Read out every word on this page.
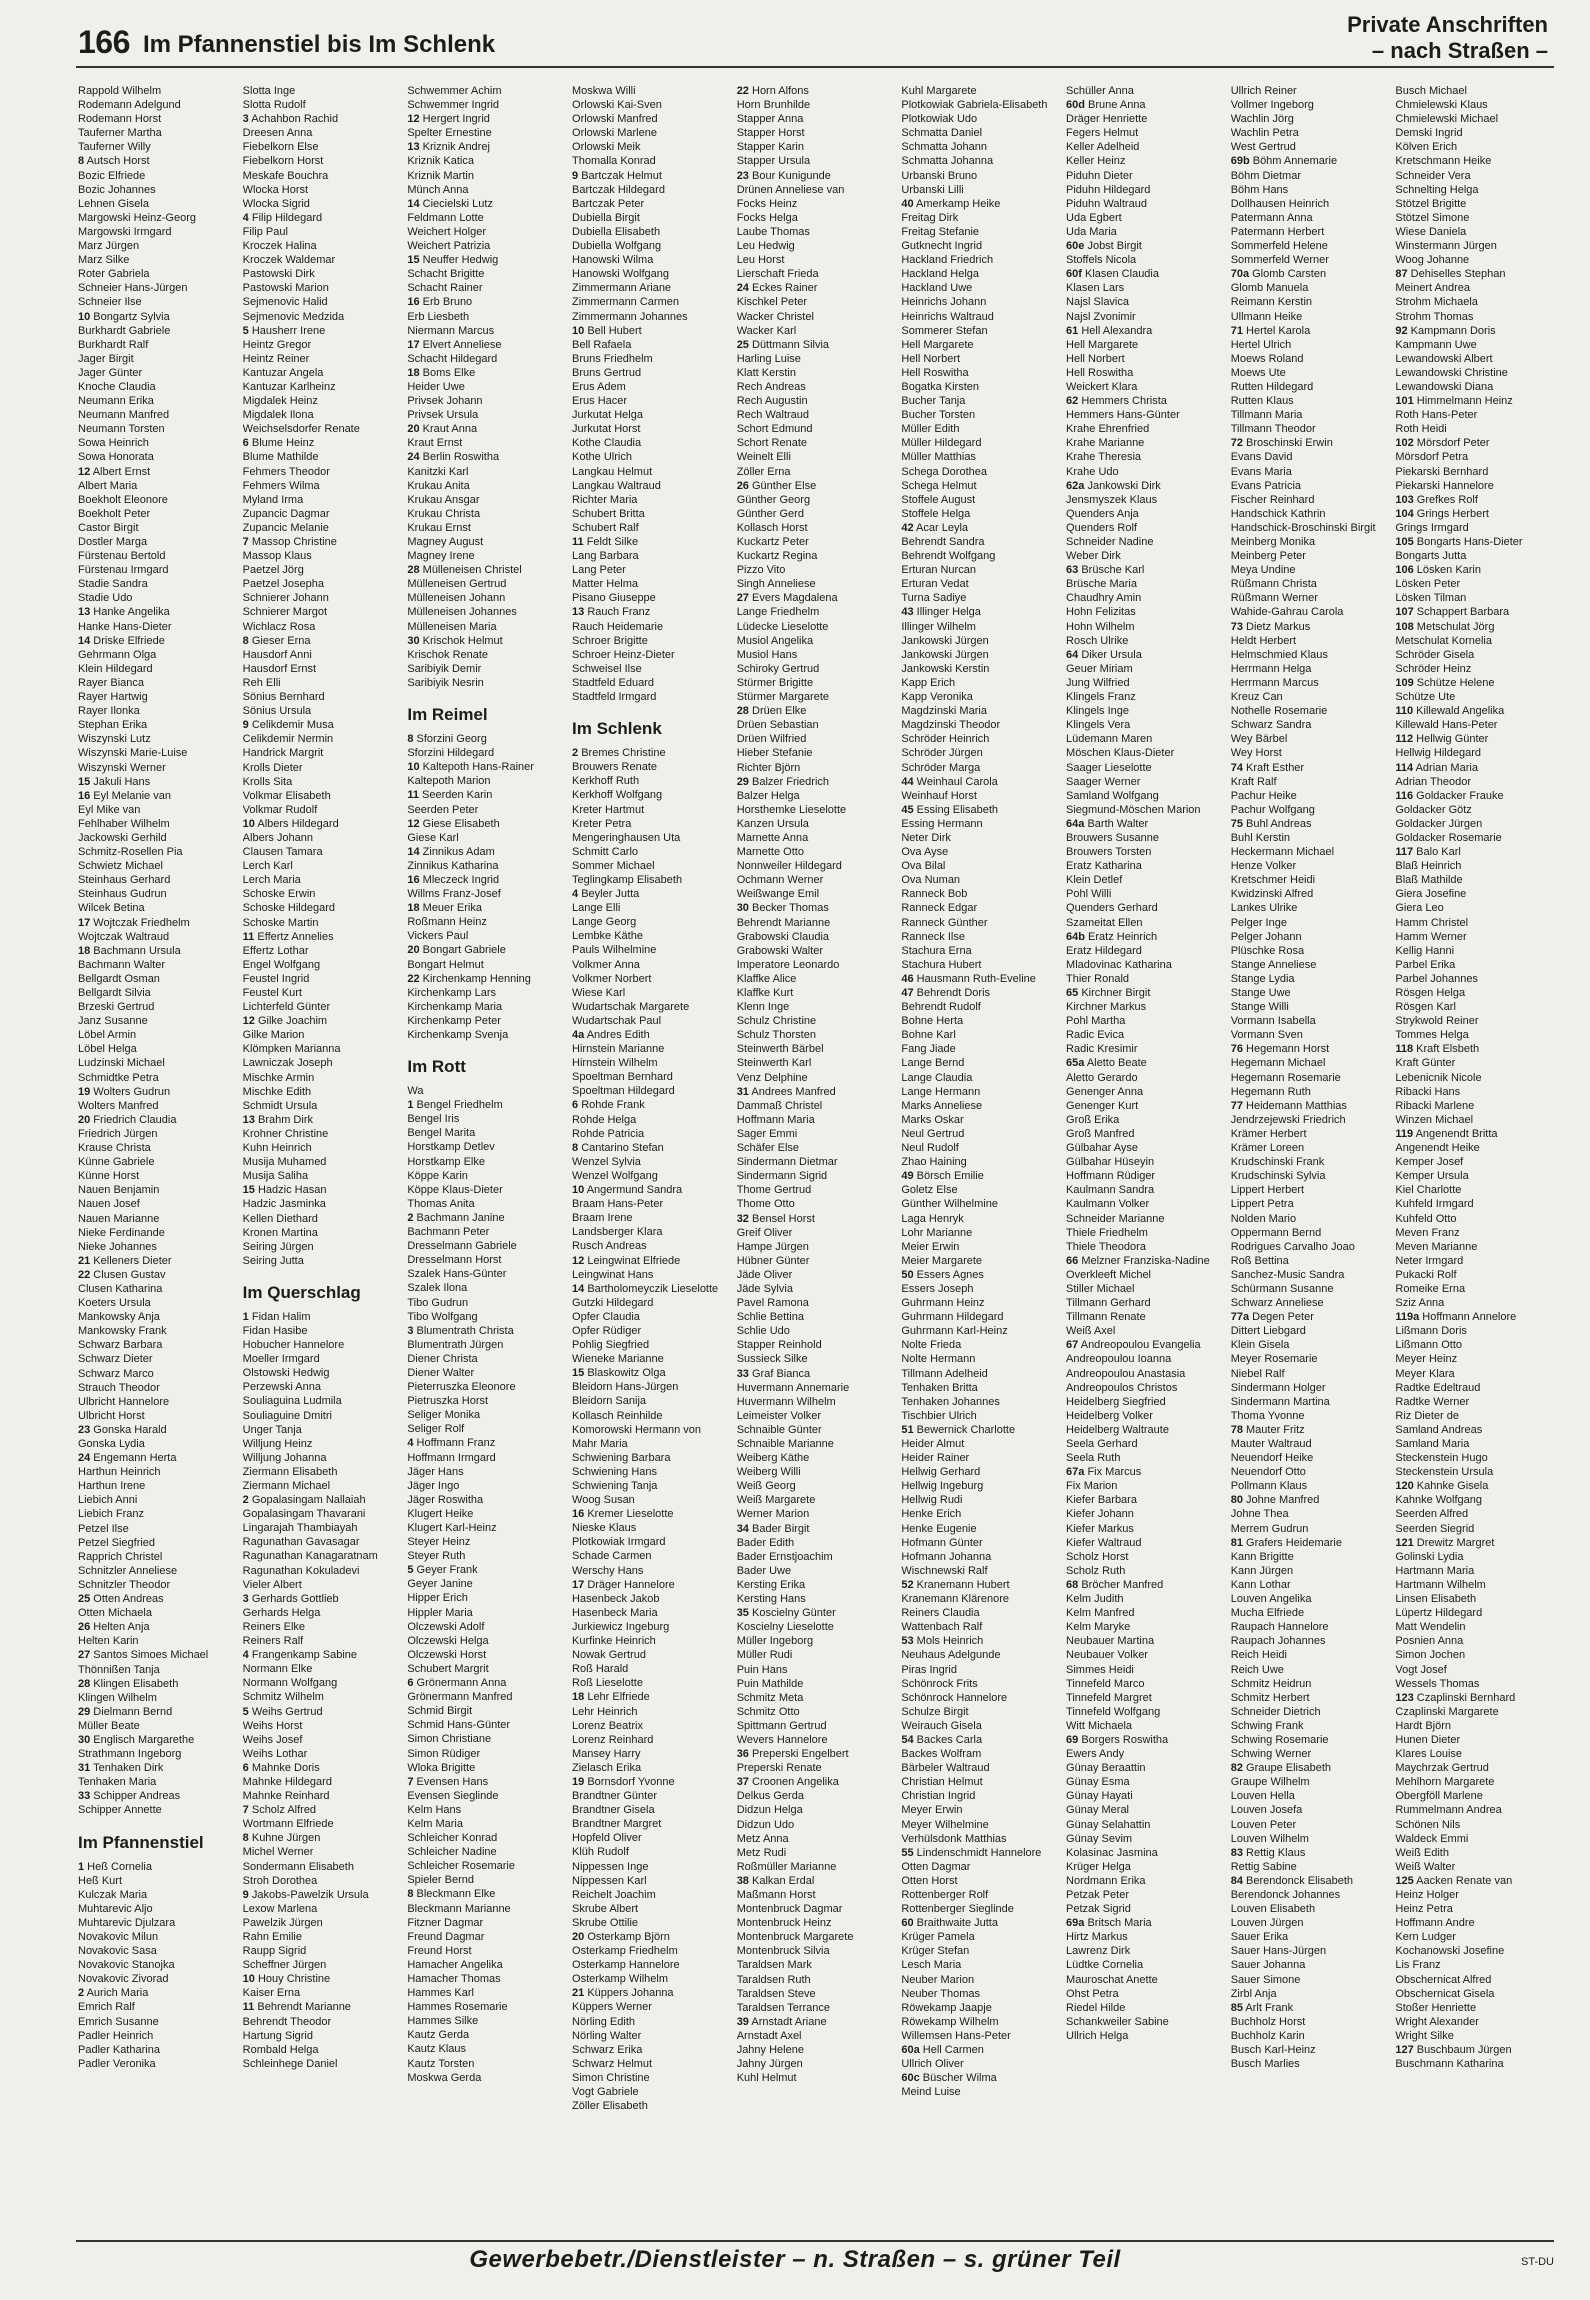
166 Im Pfannenstiel bis Im Schlenk
Private Anschriften
– nach Straßen –
Rappold Wilhelm
Rodemann Adelgund
Rodemann Horst
Tauferner Martha
Tauferner Willy
8 Autsch Horst
Bozic Elfriede
Bozic Johannes
Lehnen Gisela
Margowski Heinz-Georg
Margowski Irmgard
Marz Jürgen
Marz Silke
Roter Gabriela
Schneier Hans-Jürgen
Schneier Ilse
10 Bongartz Sylvia
Burkhardt Gabriele
Burkhardt Ralf
Jager Birgit
Jager Günter
Knoche Claudia
Neumann Erika
Neumann Manfred
Neumann Torsten
Sowa Heinrich
Sowa Honorata
12 Albert Ernst
Albert Maria
Boekholt Eleonore
Boekholt Peter
Castor Birgit
Dostler Marga
Fürstenau Bertold
Fürstenau Irmgard
Stadie Sandra
Stadie Udo
13 Hanke Angelika
Hanke Hans-Dieter
14 Driske Elfriede
Gehrmann Olga
Klein Hildegard
Rayer Bianca
Rayer Hartwig
Rayer Ilonka
Stephan Erika
Wiszynski Lutz
Wiszynski Marie-Luise
Wiszynski Werner
15 Jakuli Hans
16 Eyl Melanie van
Eyl Mike van
Fehlhaber Wilhelm
Jackowski Gerhild
Schmitz-Rosellen Pia
Schwietz Michael
Steinhaus Gerhard
Steinhaus Gudrun
Wilcek Betina
17 Wojtczak Friedhelm
Wojtczak Waltraud
18 Bachmann Ursula
Bachmann Walter
Bellgardt Osman
Bellgardt Silvia
Brzeski Gertrud
Janz Susanne
Löbel Armin
Löbel Helga
Ludzinski Michael
Schmidtke Petra
19 Wolters Gudrun
Wolters Manfred
20 Friedrich Claudia
Friedrich Jürgen
Krause Christa
Künne Gabriele
Künne Horst
Nauen Benjamin
Nauen Josef
Nauen Marianne
Nieke Ferdinande
Nieke Johannes
21 Kelleners Dieter
22 Clusen Gustav
Clusen Katharina
Koeters Ursula
Mankowsky Anja
Mankowsky Frank
Schwarz Barbara
Schwarz Dieter
Schwarz Marco
Strauch Theodor
Ulbricht Hannelore
Ulbricht Horst
23 Gonska Harald
Gonska Lydia
24 Engemann Herta
Harthun Heinrich
Harthun Irene
Liebich Anni
Liebich Franz
Petzel Ilse
Petzel Siegfried
Rapprich Christel
Schnitzler Anneliese
Schnitzler Theodor
25 Otten Andreas
Otten Michaela
26 Helten Anja
Helten Karin
27 Santos Simoes Michael
Thönnißen Tanja
28 Klingen Elisabeth
Klingen Wilhelm
29 Dielmann Bernd
Müller Beate
30 Englisch Margarethe
Strathmann Ingeborg
31 Tenhaken Dirk
Tenhaken Maria
33 Schipper Andreas
Schipper Annette
Im Pfannenstiel
1 Heß Cornelia
Heß Kurt
Kulczak Maria
Muhtarevic Aljo
Muhtarevic Djulzara
Novakovic Milun
Novakovic Sasa
Novakovic Stanojka
Novakovic Zivorad
2 Aurich Maria
Emrich Ralf
Emrich Susanne
Padler Heinrich
Padler Katharina
Padler Veronika
Slotta Inge
Slotta Rudolf
3 Achahbon Rachid
Dreesen Anna
Fiebelkorn Else
Fiebelkorn Horst
Meskafe Bouchra
Wlocka Horst
Wlocka Sigrid
4 Filip Hildegard
Filip Paul
Kroczek Halina
Kroczek Waldemar
Pastowski Dirk
Pastowski Marion
Sejmenovic Halid
Sejmenovic Medzida
5 Hausherr Irene
Heintz Gregor
Heintz Reiner
Kantuzar Angela
Kantuzar Karlheinz
Migdalek Heinz
Migdalek Ilona
Weichselsdorfer Renate
6 Blume Heinz
Blume Mathilde
Fehmers Theodor
Fehmers Wilma
Myland Irma
Zupancic Dagmar
Zupancic Melanie
7 Massop Christine
Massop Klaus
Paetzel Jörg
Paetzel Josepha
Schnierer Johann
Schnierer Margot
Wichlacz Rosa
8 Gieser Erna
Hausdorf Anni
Hausdorf Ernst
Reh Elli
Sönius Bernhard
Sönius Ursula
9 Celikdemir Musa
Celikdemir Nermin
Handrick Margrit
Krolls Dieter
Krolls Sita
Volkmar Elisabeth
Volkmar Rudolf
10 Albers Hildegard
Albers Johann
Clausen Tamara
Lerch Karl
Lerch Maria
Schoske Erwin
Schoske Hildegard
Schoske Martin
11 Effertz Annelies
Effertz Lothar
Engel Wolfgang
Feustel Ingrid
Feustel Kurt
Lichterfeld Günter
12 Gilke Joachim
Gilke Marion
Klömpken Marianna
Lawniczak Joseph
Mischke Armin
Mischke Edith
Schmidt Ursula
13 Brahm Dirk
Krohner Christine
Kuhn Heinrich
Musija Muhamed
Musija Saliha
15 Hadzic Hasan
Hadzic Jasminka
Kellen Diethard
Kronen Martina
Seiring Jürgen
Seiring Jutta
Im Querschlag
1 Fidan Halim
Fidan Hasibe
Hobucher Hannelore
Moeller Irmgard
Olstowski Hedwig
Perzewski Anna
Souliaguina Ludmila
Souliaguine Dmitri
Unger Tanja
Willjung Heinz
Willjung Johanna
Ziermann Elisabeth
Ziermann Michael
2 Gopalasingam Nallaiah
Gopalasingam Thavarani
Lingarajah Thambiayah
Ragunathan Gavasagar
Ragunathan Kanagaratnam
Ragunathan Kokuladevi
Vieler Albert
3 Gerhards Gottlieb
Gerhards Helga
Reiners Elke
Reiners Ralf
4 Frangenkamp Sabine
Normann Elke
Normann Wolfgang
Schmitz Wilhelm
5 Weihs Gertrud
Weihs Horst
Weihs Josef
Weihs Lothar
6 Mahnke Doris
Mahnke Hildegard
Mahnke Reinhard
7 Scholz Alfred
Wortmann Elfriede
8 Kuhne Jürgen
Michel Werner
Sondermann Elisabeth
Stroh Dorothea
9 Jakobs-Pawelzik Ursula
Lexow Marlena
Pawelzik Jürgen
Rahn Emilie
Raupp Sigrid
Scheffner Jürgen
10 Houy Christine
Kaiser Erna
11 Behrendt Marianne
Behrendt Theodor
Hartung Sigrid
Rombald Helga
Schleinhege Daniel
Schwemmer Achim
Schwemmer Ingrid
12 Hergert Ingrid
Spelter Ernestine
13 Kriznik Andrej
Kriznik Katica
Kriznik Martin
Münch Anna
14 Ciecielski Lutz
Feldmann Lotte
Weichert Holger
Weichert Patrizia
15 Neuffer Hedwig
Schacht Brigitte
Schacht Rainer
16 Erb Bruno
Erb Liesbeth
Niermann Marcus
17 Elvert Anneliese
Schacht Hildegard
18 Boms Elke
Heider Uwe
Privsek Johann
Privsek Ursula
20 Kraut Anna
Kraut Ernst
24 Berlin Roswitha
Kanitzki Karl
Krukau Anita
Krukau Ansgar
Krukau Christa
Krukau Ernst
Magney August
Magney Irene
28 Mülleneisen Christel
Mülleneisen Gertrud
Mülleneisen Johann
Mülleneisen Johannes
Mülleneisen Maria
30 Krischok Helmut
Krischok Renate
Saribiyik Demir
Saribiyik Nesrin
Im Reimel
8 Sforzini Georg
Sforzini Hildegard
10 Kaltepoth Hans-Rainer
Kaltepoth Marion
11 Seerden Karin
Seerden Peter
12 Giese Elisabeth
Giese Karl
14 Zinnikus Adam
Zinnikus Katharina
16 Mleczeck Ingrid
Willms Franz-Josef
18 Meuer Erika
Roßmann Heinz
Vickers Paul
20 Bongart Gabriele
Bongart Helmut
22 Kirchenkamp Henning
Kirchenkamp Lars
Kirchenkamp Maria
Kirchenkamp Peter
Kirchenkamp Svenja
Im Rott
Wa
1 Bengel Friedhelm
Bengel Iris
Bengel Marita
Horstkamp Detlev
Horstkamp Elke
Köppe Karin
Köppe Klaus-Dieter
Thomas Anita
2 Bachmann Janine
Bachmann Peter
Dresselmann Gabriele
Dresselmann Horst
Szalek Hans-Günter
Szalek Ilona
Tibo Gudrun
Tibo Wolfgang
3 Blumentrath Christa
Blumentrath Jürgen
Diener Christa
Diener Walter
Pieterruszka Eleonore
Pietruszka Horst
Seliger Monika
Seliger Rolf
4 Hoffmann Franz
Hoffmann Irmgard
Jäger Hans
Jäger Ingo
Jäger Roswitha
Klugert Heike
Klugert Karl-Heinz
Steyer Heinz
Steyer Ruth
5 Geyer Frank
Geyer Janine
Hipper Erich
Hippler Maria
Olczewski Adolf
Olczewski Helga
Olczewski Horst
Schubert Margrit
6 Grönermann Anna
Grönermann Manfred
Schmid Birgit
Schmid Hans-Günter
Simon Christiane
Simon Rüdiger
Wloka Brigitte
7 Evensen Hans
Evensen Sieglinde
Kelm Hans
Kelm Maria
Schleicher Konrad
Schleicher Nadine
Schleicher Rosemarie
Spieler Bernd
8 Bleckmann Elke
Bleckmann Marianne
Fitzner Dagmar
Freund Dagmar
Freund Horst
Hamacher Angelika
Hamacher Thomas
Hammes Karl
Hammes Rosemarie
Hammes Silke
Kautz Gerda
Kautz Klaus
Kautz Torsten
Moskwa Gerda
Moskwa Willi
Orlowski Kai-Sven
Orlowski Manfred
Orlowski Marlene
Orlowski Meik
Thomalla Konrad
9 Bartczak Helmut
Bartczak Hildegard
Bartczak Peter
Dubiella Birgit
Dubiella Elisabeth
Dubiella Wolfgang
Hanowski Wilma
Hanowski Wolfgang
Zimmermann Ariane
Zimmermann Carmen
Zimmermann Johannes
10 Bell Hubert
Bell Rafaela
Bruns Friedhelm
Bruns Gertrud
Erus Adem
Erus Hacer
Jurkutat Helga
Jurkutat Horst
Kothe Claudia
Kothe Ulrich
Langkau Helmut
Langkau Waltraud
Richter Maria
Schubert Britta
Schubert Ralf
11 Feldt Silke
Lang Barbara
Lang Peter
Matter Helma
Pisano Giuseppe
13 Rauch Franz
Rauch Heidemarie
Schroer Brigitte
Schroer Heinz-Dieter
Schweisel Ilse
Stadtfeld Eduard
Stadtfeld Irmgard
Im Schlenk
2 Bremes Christine
Brouwers Renate
Kerkhoff Ruth
Kerkhoff Wolfgang
Kreter Hartmut
Kreter Petra
Mengeringhausen Uta
Schmitt Carlo
Sommer Michael
Teglingkamp Elisabeth
4 Beyler Jutta
Lange Elli
Lange Georg
Lembke Käthe
Pauls Wilhelmine
Volkmer Anna
Volkmer Norbert
Wiese Karl
Wudartschak Margarete
Wudartschak Paul
4a Andres Edith
Hirnstein Marianne
Hirnstein Wilhelm
Spoeltman Bernhard
Spoeltman Hildegard
6 Rohde Frank
Rohde Helga
Rohde Patricia
8 Cantarino Stefan
Wenzel Sylvia
Wenzel Wolfgang
10 Angermund Sandra
Braam Hans-Peter
Braam Irene
Landsberger Klara
Rusch Andreas
12 Leingwinat Elfriede
Leingwinat Hans
14 Bartholomeyczik Lieselotte
Gutzki Hildegard
Opfer Claudia
Opfer Rüdiger
Pohlig Siegfried
Wieneke Marianne
15 Blaskowitz Olga
Bleidorn Hans-Jürgen
Bleidorn Sanija
Kollasch Reinhilde
Komorowski Hermann von
Mahr Maria
Schwiening Barbara
Schwiening Hans
Schwiening Tanja
Woog Susan
16 Kremer Lieselotte
Nieske Klaus
Plotkowiak Irmgard
Schade Carmen
Werschy Hans
17 Dräger Hannelore
Hasenbeck Jakob
Hasenbeck Maria
Jurkiewicz Ingeburg
Kurfinke Heinrich
Nowak Gertrud
Roß Harald
Roß Lieselotte
18 Lehr Elfriede
Lehr Heinrich
Lorenz Beatrix
Lorenz Reinhard
Mansey Harry
Zielasch Erika
19 Bornsdorf Yvonne
Brandtner Günter
Brandtner Gisela
Brandtner Margret
Hopfeld Oliver
Klüh Rudolf
Nippessen Inge
Nippessen Karl
Reichelt Joachim
Skrube Albert
Skrube Ottilie
20 Osterkamp Björn
Osterkamp Friedhelm
Osterkamp Hannelore
Osterkamp Wilhelm
21 Küppers Johanna
Küppers Werner
Nörling Edith
Nörling Walter
Schwarz Erika
Schwarz Helmut
Simon Christine
Vogt Gabriele
Zöller Elisabeth
22 Horn Alfons
Horn Brunhilde
Stapper Anna
Stapper Horst
Stapper Karin
Stapper Ursula
23 Bour Kunigunde
Drünen Anneliese van
Focks Heinz
Focks Helga
Laube Thomas
Leu Hedwig
Leu Horst
Lierschaft Frieda
24 Eckes Rainer
Kischkel Peter
Wacker Christel
Wacker Karl
25 Düttmann Silvia
Harling Luise
Klatt Kerstin
Rech Andreas
Rech Augustin
Rech Waltraud
Schort Edmund
Schort Renate
Weinelt Elli
Zöller Erna
26 Günther Else
Günther Georg
Günther Gerd
Kollasch Horst
Kuckartz Peter
Kuckartz Regina
Pizzo Vito
Singh Anneliese
27 Evers Magdalena
Lange Friedhelm
Lüdecke Lieselotte
Musiol Angelika
Musiol Hans
Schiroky Gertrud
Stürmer Brigitte
Stürmer Margarete
28 Drüen Elke
Drüen Sebastian
Drüen Wilfried
Hieber Stefanie
Richter Björn
29 Balzer Friedrich
Balzer Helga
Horsthemke Lieselotte
Kanzen Ursula
Marnette Anna
Marnette Otto
Nonnweiler Hildegard
Ochmann Werner
Weißwange Emil
30 Becker Thomas
Behrendt Marianne
Grabowski Claudia
Grabowski Walter
Imperatore Leonardo
Klaffke Alice
Klaffke Kurt
Klenn Inge
Schulz Christine
Schulz Thorsten
Steinwerth Bärbel
Steinwerth Karl
Venz Delphine
31 Andrees Manfred
Dammaß Christel
Hoffmann Maria
Sager Emmi
Schäfer Else
Sindermann Dietmar
Sindermann Sigrid
Thome Gertrud
Thome Otto
32 Bensel Horst
Greif Oliver
Hampe Jürgen
Hübner Günter
Jäde Oliver
Jäde Sylvia
Pavel Ramona
Schlie Bettina
Schlie Udo
Stapper Reinhold
Sussieck Silke
33 Graf Bianca
Huvermann Annemarie
Huvermann Wilhelm
Leimeister Volker
Schnaible Günter
Schnaible Marianne
Weiberg Käthe
Weiberg Willi
Weiß Georg
Weiß Margarete
Werner Marion
34 Bader Birgit
Bader Edith
Bader Ernstjoachim
Bader Uwe
Kersting Erika
Kersting Hans
35 Koscielny Günter
Koscielny Lieselotte
Müller Ingeborg
Müller Rudi
Puin Hans
Puin Mathilde
Schmitz Meta
Schmitz Otto
Spittmann Gertrud
Wevers Hannelore
36 Preperski Engelbert
Preperski Renate
37 Croonen Angelika
Delkus Gerda
Didzun Helga
Didzun Udo
Metz Anna
Metz Rudi
Roßmüller Marianne
38 Kalkan Erdal
Maßmann Horst
Montenbruck Dagmar
Montenbruck Heinz
Montenbruck Margarete
Montenbruck Silvia
Taraldsen Mark
Taraldsen Ruth
Taraldsen Steve
Taraldsen Terrance
39 Arnstadt Ariane
Arnstadt Axel
Jahny Helene
Jahny Jürgen
Kuhl Helmut
Kuhl Margarete
Plotkowiak Gabriela-Elisabeth
Plotkowiak Udo
Schmatta Daniel
Schmatta Johann
Schmatta Johanna
Urbanski Bruno
Urbanski Lilli
40 Amerkamp Heike
Freitag Dirk
Freitag Stefanie
Gutknecht Ingrid
Hackland Friedrich
Hackland Helga
Hackland Uwe
Heinrichs Johann
Heinrichs Waltraud
Sommerer Stefan
Hell Margarete
Hell Norbert
Hell Roswitha
Bogatka Kirsten
Bucher Tanja
Bucher Torsten
Müller Edith
Müller Hildegard
Müller Matthias
Schega Dorothea
Schega Helmut
Stoffele August
Stoffele Helga
42 Acar Leyla
Behrendt Sandra
Behrendt Wolfgang
Erturan Nurcan
Erturan Vedat
Turna Sadiye
43 Illinger Helga
Illinger Wilhelm
Jankowski Jürgen
Jankowski Jürgen
Jankowski Kerstin
Kapp Erich
Kapp Veronika
Magdzinski Maria
Magdzinski Theodor
Schröder Heinrich
Schröder Jürgen
Schröder Marga
44 Weinhaul Carola
Weinhauf Horst
45 Essing Elisabeth
Essing Hermann
Neter Dirk
Ova Ayse
Ova Bilal
Ova Numan
Ranneck Bob
Ranneck Edgar
Ranneck Günther
Ranneck Ilse
Stachura Erna
Stachura Hubert
46 Hausmann Ruth-Eveline
47 Behrendt Doris
Behrendt Rudolf
Bohne Herta
Bohne Karl
Fang Jiade
Lange Bernd
Lange Claudia
Lange Hermann
Marks Anneliese
Marks Oskar
Neul Gertrud
Neul Rudolf
Zhao Haining
49 Börsch Emilie
Goletz Else
Günther Wilhelmine
Laga Henryk
Lohr Marianne
Meier Erwin
Meier Margarete
50 Essers Agnes
Essers Joseph
Guhrmann Heinz
Guhrmann Hildegard
Guhrmann Karl-Heinz
Nolte Frieda
Nolte Hermann
Tillmann Adelheid
Tenhaken Britta
Tenhaken Johannes
Tischbier Ulrich
51 Bewernick Charlotte
Heider Almut
Heider Rainer
Hellwig Gerhard
Hellwig Ingeburg
Hellwig Rudi
Henke Erich
Henke Eugenie
Hofmann Günter
Hofmann Johanna
Wischnewski Ralf
52 Kranemann Hubert
Kranemann Klärenore
Reiners Claudia
Wattenbach Ralf
53 Mols Heinrich
Neuhaus Adelgunde
Piras Ingrid
Schönrock Frits
Schönrock Hannelore
Schulze Birgit
Weirauch Gisela
54 Backes Carla
Backes Wolfram
Bärbeler Waltraud
Christian Helmut
Christian Ingrid
Meyer Erwin
Meyer Wilhelmine
Verhülsdonk Matthias
55 Lindenschmidt Hannelore
Otten Dagmar
Otten Horst
Rottenberger Rolf
Rottenberger Sieglinde
60 Braithwaite Jutta
Krüger Pamela
Krüger Stefan
Lesch Maria
Neuber Marion
Neuber Thomas
Röwekamp Jaapje
Röwekamp Wilhelm
Willemsen Hans-Peter
60a Hell Carmen
Ullrich Oliver
60c Büscher Wilma
Meind Luise
Schüller Anna
60d Brune Anna
Dräger Henriette
Fegers Helmut
Keller Adelheid
Keller Heinz
Piduhn Dieter
Piduhn Hildegard
Piduhn Waltraud
Uda Egbert
Uda Maria
60e Jobst Birgit
Stoffels Nicola
60f Klasen Claudia
Klasen Lars
Najsl Slavica
Najsl Zvonimir
61 Hell Alexandra
Hell Margarete
Hell Norbert
Hell Roswitha
Weickert Klara
62 Hemmers Christa
Hemmers Hans-Günter
Krahe Ehrenfried
Krahe Marianne
Krahe Theresia
Krahe Udo
62a Jankowski Dirk
Jensmyszek Klaus
Quenders Anja
Quenders Rolf
Schneider Nadine
Weber Dirk
63 Brüsche Karl
Brüsche Maria
Chaudhry Amin
Hohn Felizitas
Hohn Wilhelm
Rosch Ulrike
64 Diker Ursula
Geuer Miriam
Jung Wilfried
Klingels Franz
Klingels Inge
Klingels Vera
Lüdemann Maren
Möschen Klaus-Dieter
Saager Lieselotte
Saager Werner
Samland Wolfgang
Siegmund-Möschen Marion
64a Barth Walter
Brouwers Susanne
Brouwers Torsten
Eratz Katharina
Klein Detlef
Pohl Willi
Quenders Gerhard
Szameitat Ellen
64b Eratz Heinrich
Eratz Hildegard
Mladovinac Katharina
Thier Ronald
65 Kirchner Birgit
Kirchner Markus
Pohl Martha
Radic Evica
Radic Kresimir
65a Aletto Beate
Aletto Gerardo
Genenger Anna
Genenger Kurt
Groß Erika
Groß Manfred
Gülbahar Ayse
Gülbahar Hüseyin
Hoffmann Rüdiger
Kaulmann Sandra
Kaulmann Volker
Schneider Marianne
Thiele Friedhelm
Thiele Theodora
66 Melzner Franziska-Nadine
Overkleeft Michel
Stiller Michael
Tillmann Gerhard
Tillmann Renate
Weiß Axel
67 Andreopoulou Evangelia
Andreopoulou Ioanna
Andreopoulou Anastasia
Andreopoulos Christos
Heidelberg Siegfried
Heidelberg Volker
Heidelberg Waltraute
Seela Gerhard
Seela Ruth
67a Fix Marcus
Fix Marion
Kiefer Barbara
Kiefer Johann
Kiefer Markus
Kiefer Waltraud
Scholz Horst
Scholz Ruth
68 Bröcher Manfred
Kelm Judith
Kelm Manfred
Kelm Maryke
Neubauer Martina
Neubauer Volker
Simmes Heidi
Tinnefeld Marco
Tinnefeld Margret
Tinnefeld Wolfgang
Witt Michaela
69 Borgers Roswitha
Ewers Andy
Günay Beraattin
Günay Esma
Günay Hayati
Günay Meral
Günay Selahattin
Günay Sevim
Kolasinac Jasmina
Krüger Helga
Nordmann Erika
Petzak Peter
Petzak Sigrid
69a Britsch Maria
Hirtz Markus
Lawrenz Dirk
Lüdtke Cornelia
Mauroschat Anette
Ohst Petra
Riedel Hilde
Schankweiler Sabine
Ullrich Helga
Ullrich Reiner
Vollmer Ingeborg
Wachlin Jörg
Wachlin Petra
West Gertrud
69b Böhm Annemarie
Böhm Dietmar
Böhm Hans
Dollhausen Heinrich
Patermann Anna
Patermann Herbert
Sommerfeld Helene
Sommerfeld Werner
70a Glomb Carsten
Glomb Manuela
Reimann Kerstin
Ullmann Heike
71 Hertel Karola
Hertel Ulrich
Moews Roland
Moews Ute
Rutten Hildegard
Rutten Klaus
Tillmann Maria
Tillmann Theodor
72 Broschinski Erwin
Evans David
Evans Maria
Evans Patricia
Fischer Reinhard
Handschick Kathrin
Handschick-Broschinski Birgit
Meinberg Monika
Meinberg Peter
Meya Undine
Rüßmann Christa
Rüßmann Werner
Wahide-Gahrau Carola
73 Dietz Markus
Heldt Herbert
Helmschmied Klaus
Herrmann Helga
Herrmann Marcus
Kreuz Can
Nothelle Rosemarie
Schwarz Sandra
Wey Bärbel
Wey Horst
74 Kraft Esther
Kraft Ralf
Pachur Heike
Pachur Wolfgang
75 Buhl Andreas
Buhl Kerstin
Heckermann Michael
Henze Volker
Kretschmer Heidi
Kwidzinski Alfred
Lankes Ulrike
Pelger Inge
Pelger Johann
Plüschke Rosa
Stange Anneliese
Stange Lydia
Stange Uwe
Stange Willi
Vormann Isabella
Vormann Sven
76 Hegemann Horst
Hegemann Michael
Hegemann Rosemarie
Hegemann Ruth
77 Heidemann Matthias
Jendrzejewski Friedrich
Krämer Herbert
Krämer Loreen
Krudschinski Frank
Krudschinski Sylvia
Lippert Herbert
Lippert Petra
Nolden Mario
Oppermann Bernd
Rodrigues Carvalho Joao
Roß Bettina
Sanchez-Music Sandra
Schürmann Susanne
Schwarz Anneliese
77a Degen Peter
Dittert Liebgard
Klein Gisela
Meyer Rosemarie
Niebel Ralf
Sindermann Holger
Sindermann Martina
Thoma Yvonne
78 Mauter Fritz
Mauter Waltraud
Neuendorf Heike
Neuendorf Otto
Pollmann Klaus
80 Johne Manfred
Johne Thea
Merrem Gudrun
81 Grafers Heidemarie
Kann Brigitte
Kann Jürgen
Kann Lothar
Louven Angelika
Mucha Elfriede
Raupach Hannelore
Raupach Johannes
Reich Heidi
Reich Uwe
Schmitz Heidrun
Schmitz Herbert
Schneider Dietrich
Schwing Frank
Schwing Rosemarie
Schwing Werner
82 Graupe Elisabeth
Graupe Wilhelm
Louven Hella
Louven Josefa
Louven Peter
Louven Wilhelm
83 Rettig Klaus
Rettig Sabine
84 Berendonck Elisabeth
Berendonck Johannes
Louven Elisabeth
Louven Jürgen
Sauer Erika
Sauer Hans-Jürgen
Sauer Johanna
Sauer Simone
Zirbl Anja
85 Arlt Frank
Buchholz Horst
Buchholz Karin
Busch Karl-Heinz
Busch Marlies
Busch Michael
Chmielewski Klaus
Chmielewski Michael
Demski Ingrid
Kölven Erich
Kretschmann Heike
Schneider Vera
Schnelting Helga
Stötzel Brigitte
Stötzel Simone
Wiese Daniela
Winstermann Jürgen
Woog Johanne
87 Dehiselles Stephan
Meinert Andrea
Strohm Michaela
Strohm Thomas
92 Kampmann Doris
Kampmann Uwe
Lewandowski Albert
Lewandowski Christine
Lewandowski Diana
101 Himmelmann Heinz
Roth Hans-Peter
Roth Heidi
102 Mörsdorf Peter
Mörsdorf Petra
Piekarski Bernhard
Piekarski Hannelore
103 Grefkes Rolf
104 Grings Herbert
Grings Irmgard
105 Bongarts Hans-Dieter
Bongarts Jutta
106 Lösken Karin
Lösken Peter
Lösken Tilman
107 Schappert Barbara
108 Metschulat Jörg
Metschulat Kornelia
Schröder Gisela
Schröder Heinz
109 Schütze Helene
Schütze Ute
110 Killewald Angelika
Killewald Hans-Peter
112 Hellwig Günter
Hellwig Hildegard
114 Adrian Maria
Adrian Theodor
116 Goldacker Frauke
Goldacker Götz
Goldacker Jürgen
Goldacker Rosemarie
117 Balo Karl
Blaß Heinrich
Blaß Mathilde
Giera Josefine
Giera Leo
Hamm Christel
Hamm Werner
Kellig Hanni
Parbel Erika
Parbel Johannes
Rösgen Helga
Rösgen Karl
Strykwold Reiner
Tommes Helga
118 Kraft Elsbeth
Kraft Günter
Lebenicnik Nicole
Ribacki Hans
Ribacki Marlene
Winzen Michael
119 Angenendt Britta
Angenendt Heike
Kemper Josef
Kemper Ursula
Kiel Charlotte
Kuhfeld Irmgard
Kuhfeld Otto
Meven Franz
Meven Marianne
Neter Irmgard
Pukacki Rolf
Romeike Erna
Sziz Anna
119a Hoffmann Annelore
Lißmann Doris
Lißmann Otto
Meyer Heinz
Meyer Klara
Radtke Edeltraud
Radtke Werner
Riz Dieter de
Samland Andreas
Samland Maria
Steckenstein Hugo
Steckenstein Ursula
120 Kahnke Gisela
Kahnke Wolfgang
Seerden Alfred
Seerden Siegrid
121 Drewitz Margret
Golinski Lydia
Hartmann Maria
Hartmann Wilhelm
Linsen Elisabeth
Lüpertz Hildegard
Matt Wendelin
Posnien Anna
Simon Jochen
Vogt Josef
Wessels Thomas
123 Czaplinski Bernhard
Czaplinski Margarete
Hardt Björn
Hunen Dieter
Klares Louise
Maychrzak Gertrud
Mehlhorn Margarete
Obergföll Marlene
Rummelmann Andrea
Schönen Nils
Waldeck Emmi
Weiß Edith
Weiß Walter
125 Aacken Renate van
Heinz Holger
Heinz Petra
Hoffmann Andre
Kern Ludger
Kochanowski Josefine
Lis Franz
Obschernicat Alfred
Obschernicat Gisela
Stoßer Henriette
Wright Alexander
Wright Silke
127 Buschbaum Jürgen
Buschmann Katharina
Gewerbebetr./Dienstleister – n. Straßen – s. grüner Teil	ST-DU
